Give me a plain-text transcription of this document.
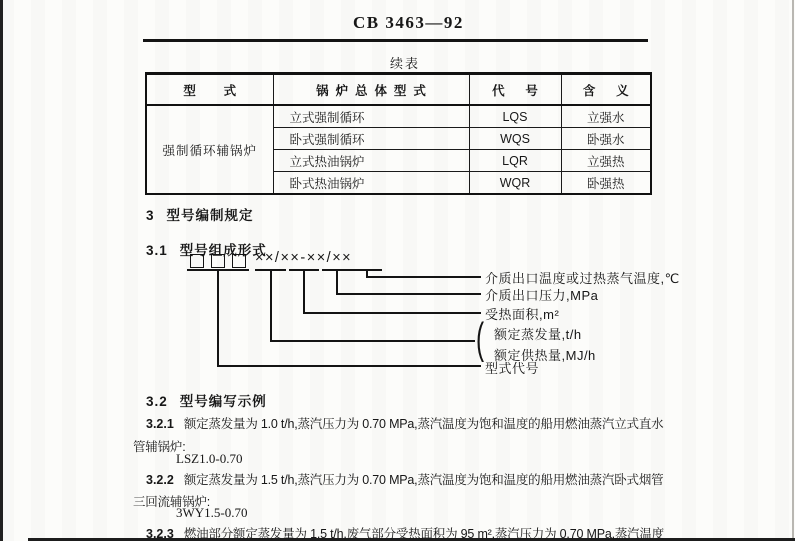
CB 3463—92
续表
型        式	锅  炉  总  体  型  式	代      号	含      义
强制循环辅锅炉	立式强制循环	LQS	立强水
	卧式强制循环	WQS	卧强水
	立式热油锅炉	LQR	立强热
	卧式热油锅炉	WQR	卧强热
3 型号编制规定
3.1 型号组成形式
××/××-××/××
介质出口温度或过热蒸气温度,℃
介质出口压力,MPa
受热面积,m²
( 额定蒸发量,t/h
额定供热量,MJ/h
型式代号
3.2 型号编写示例
3.2.1 额定蒸发量为 1.0 t/h,蒸汽压力为 0.70 MPa,蒸汽温度为饱和温度的船用燃油蒸汽立式直水
管辅锅炉:
LSZ1.0-0.70
3.2.2 额定蒸发量为 1.5 t/h,蒸汽压力为 0.70 MPa,蒸汽温度为饱和温度的船用燃油蒸汽卧式烟管
三回流辅锅炉:
3WY1.5-0.70
3.2.3 燃油部分额定蒸发量为 1.5 t/h,废气部分受热面积为 95 m²,蒸汽压力为 0.70 MPa,蒸汽温度
